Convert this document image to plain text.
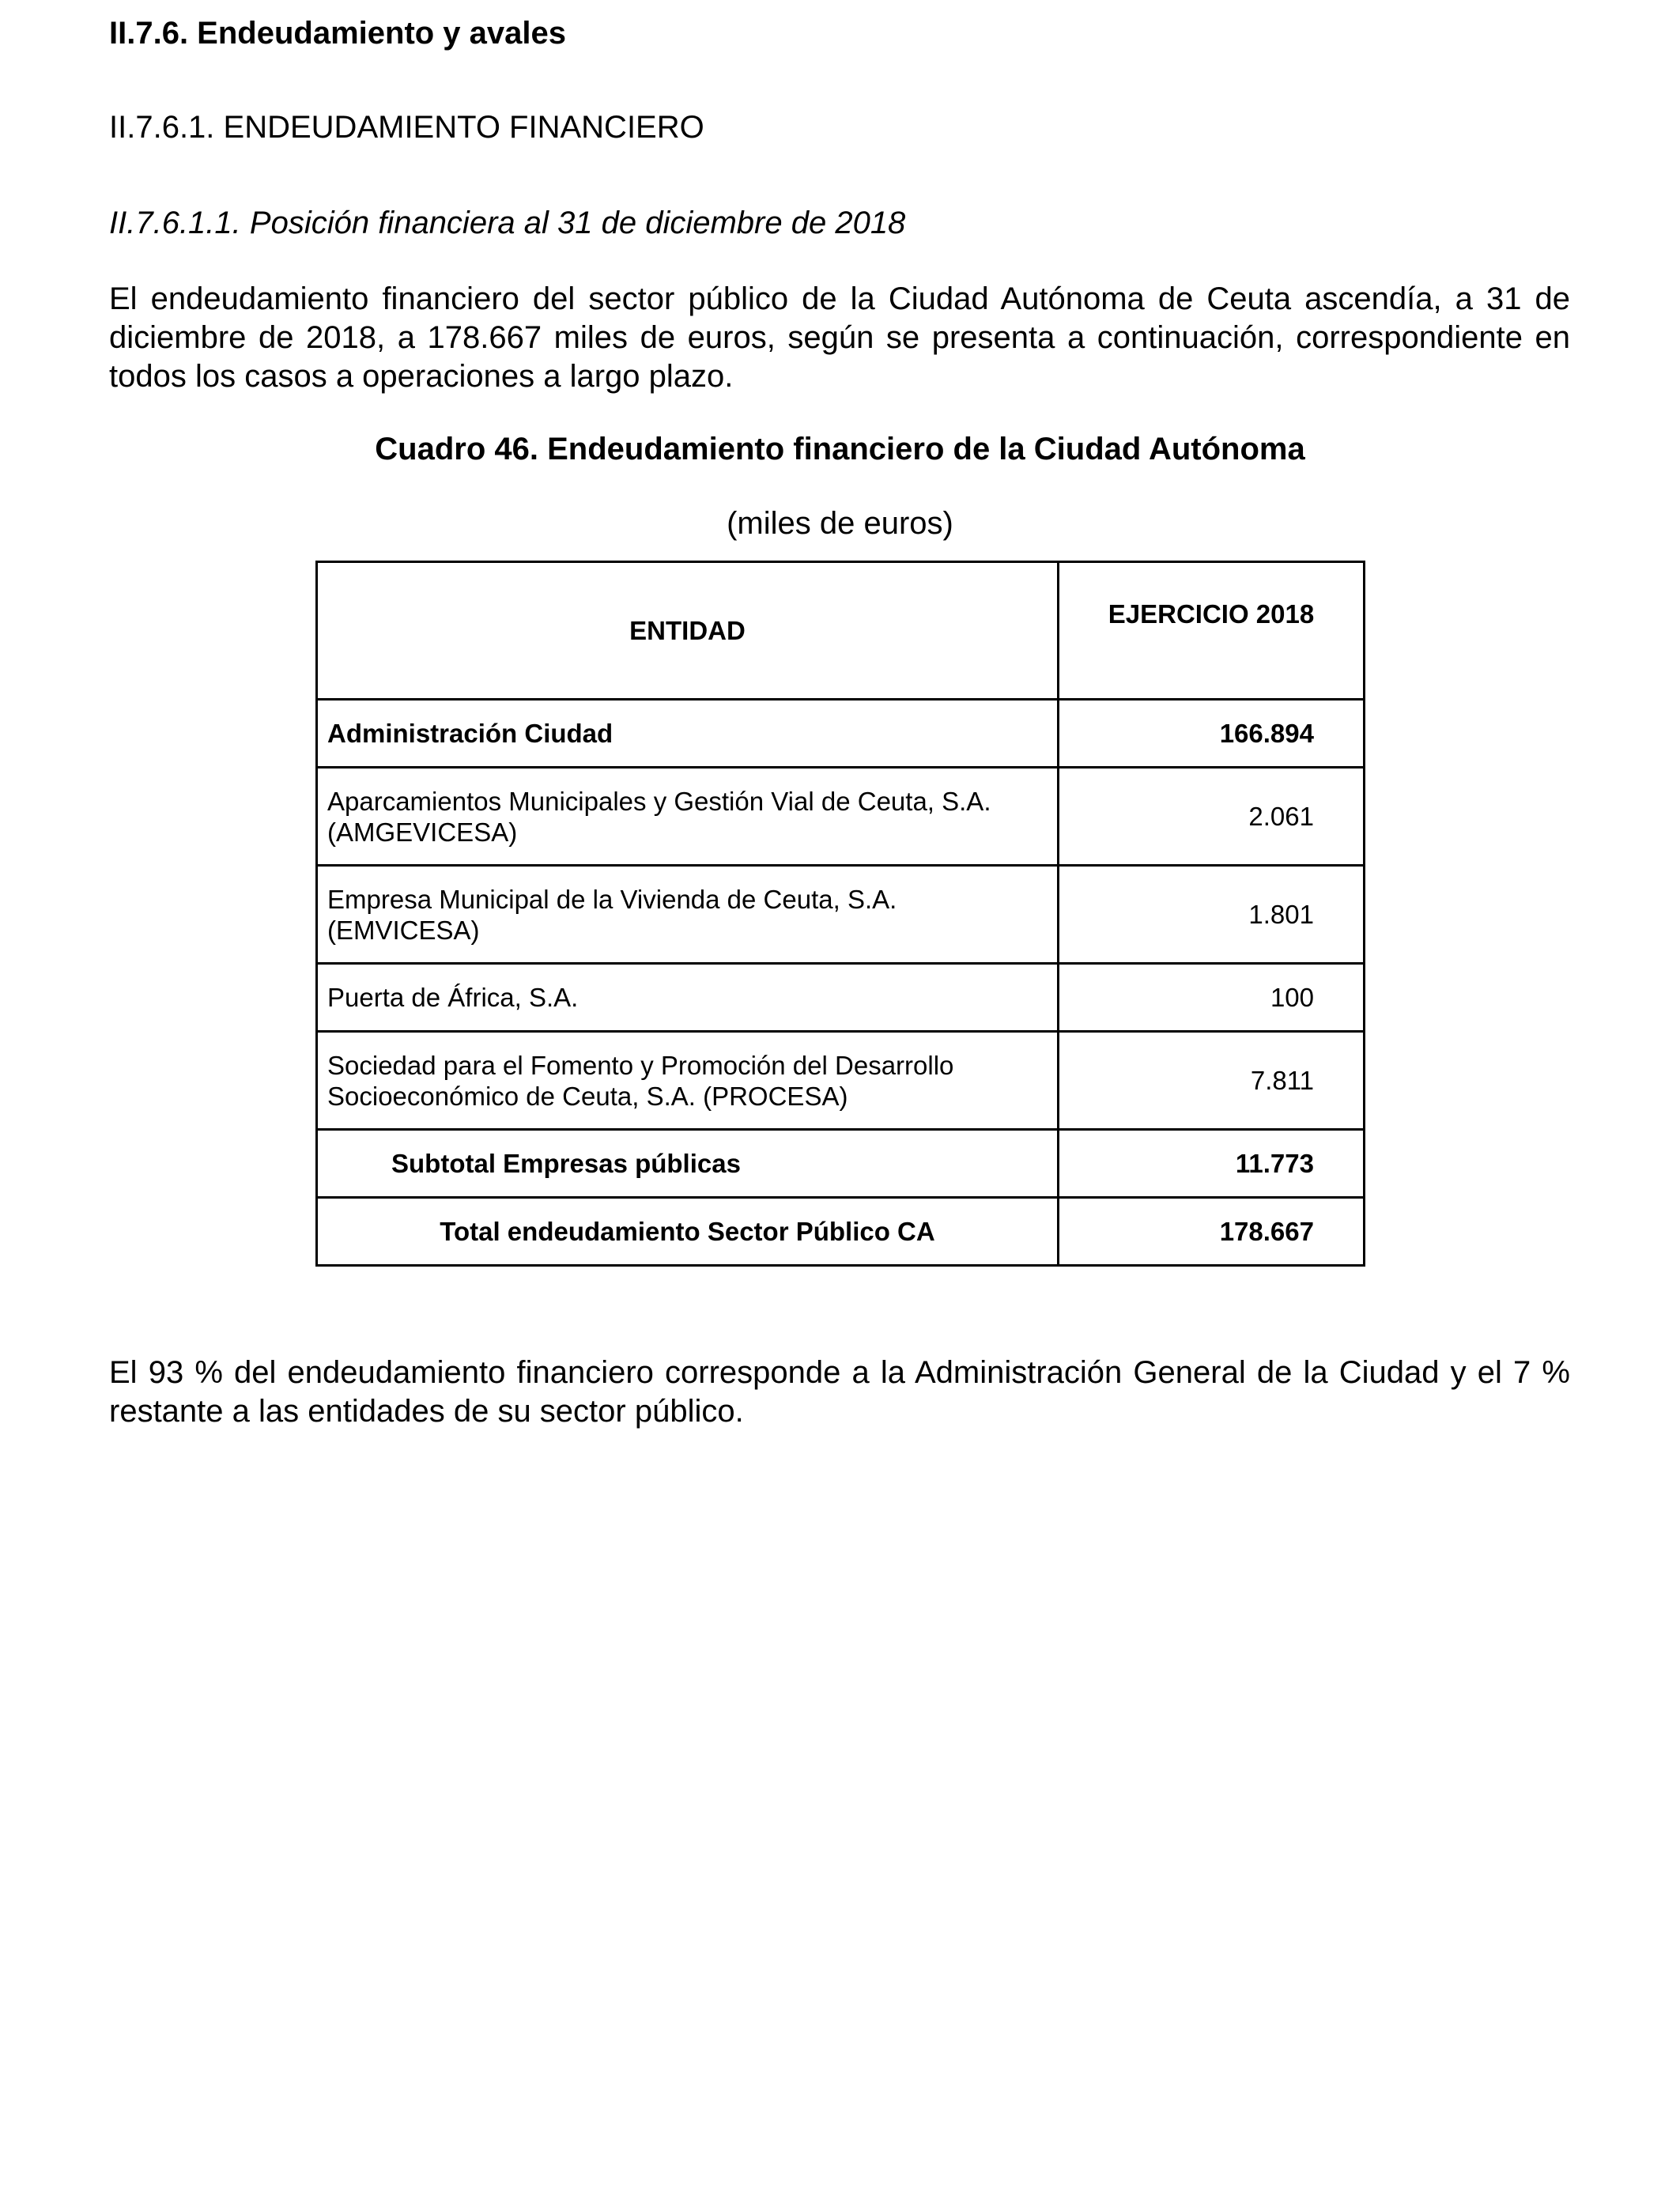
II.7.6. Endeudamiento y avales

II.7.6.1. ENDEUDAMIENTO FINANCIERO

II.7.6.1.1. Posición financiera al 31 de diciembre de 2018

El endeudamiento financiero del sector público de la Ciudad Autónoma de Ceuta ascendía, a 31 de diciembre de 2018, a 178.667 miles de euros, según se presenta a continuación, correspondiente en todos los casos a operaciones a largo plazo.

Cuadro 46. Endeudamiento financiero de la Ciudad Autónoma

(miles de euros)

ENTIDAD	EJERCICIO 2018
Administración Ciudad	166.894
Aparcamientos Municipales y Gestión Vial de Ceuta, S.A.
(AMGEVICESA)	2.061
Empresa Municipal de la Vivienda de Ceuta, S.A.
(EMVICESA)	1.801
Puerta de África, S.A.	100
Sociedad para el Fomento y Promoción del Desarrollo
Socioeconómico de Ceuta, S.A. (PROCESA)	7.811
Subtotal Empresas públicas	11.773
Total endeudamiento Sector Público CA	178.667

El 93 % del endeudamiento financiero corresponde a la Administración General de la Ciudad y el 7 % restante a las entidades de su sector público.
